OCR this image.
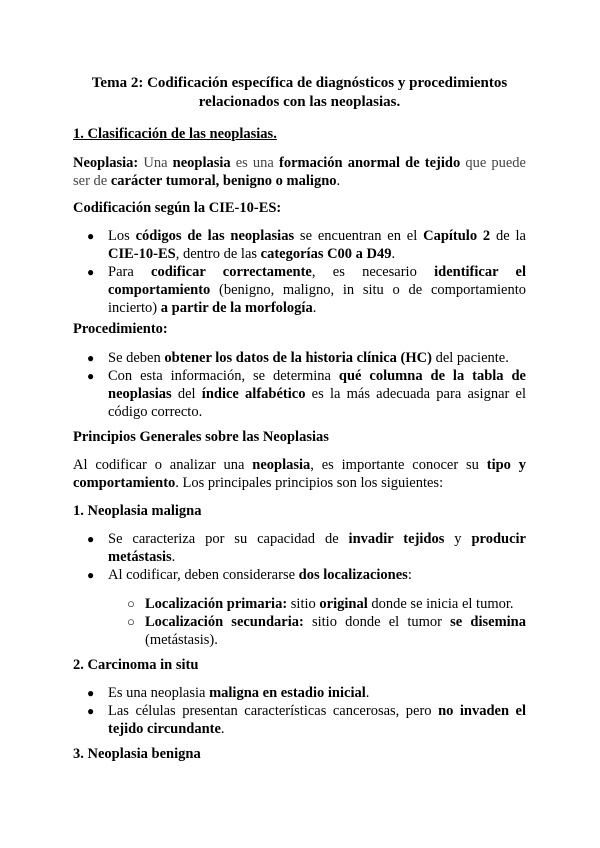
Tema 2: Codificación específica de diagnósticos y procedimientos
relacionados con las neoplasias.

1. Clasificación de las neoplasias.

Neoplasia: Una neoplasia es una formación anormal de tejido que puede ser de carácter tumoral, benigno o maligno.

Codificación según la CIE-10-ES:

● Los códigos de las neoplasias se encuentran en el Capítulo 2 de la CIE-10-ES, dentro de las categorías C00 a D49.
● Para codificar correctamente, es necesario identificar el comportamiento (benigno, maligno, in situ o de comportamiento incierto) a partir de la morfología.

Procedimiento:

● Se deben obtener los datos de la historia clínica (HC) del paciente.
● Con esta información, se determina qué columna de la tabla de neoplasias del índice alfabético es la más adecuada para asignar el código correcto.

Principios Generales sobre las Neoplasias

Al codificar o analizar una neoplasia, es importante conocer su tipo y comportamiento. Los principales principios son los siguientes:

1. Neoplasia maligna

● Se caracteriza por su capacidad de invadir tejidos y producir metástasis.
● Al codificar, deben considerarse dos localizaciones:
○ Localización primaria: sitio original donde se inicia el tumor.
○ Localización secundaria: sitio donde el tumor se disemina (metástasis).

2. Carcinoma in situ

● Es una neoplasia maligna en estadio inicial.
● Las células presentan características cancerosas, pero no invaden el tejido circundante.

3. Neoplasia benigna
